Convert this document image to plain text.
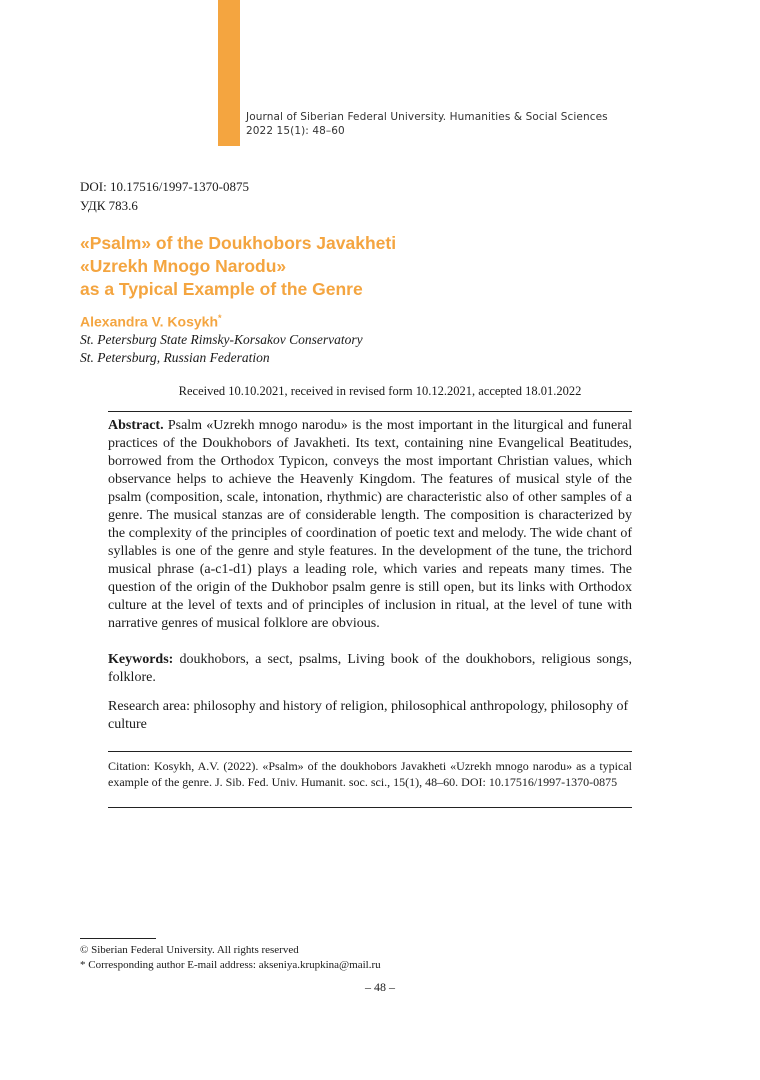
Journal of Siberian Federal University. Humanities & Social Sciences
2022 15(1): 48–60
DOI: 10.17516/1997-1370-0875
УДК 783.6
«Psalm» of the Doukhobors Javakheti
«Uzrekh Mnogo Narodu»
as a Typical Example of the Genre
Alexandra V. Kosykh*
St. Petersburg State Rimsky-Korsakov Conservatory
St. Petersburg, Russian Federation
Received 10.10.2021, received in revised form 10.12.2021, accepted 18.01.2022
Abstract. Psalm «Uzrekh mnogo narodu» is the most important in the liturgical and funeral practices of the Doukhobors of Javakheti. Its text, containing nine Evangelical Beatitudes, borrowed from the Orthodox Typicon, conveys the most important Christian values, which observance helps to achieve the Heavenly Kingdom. The features of musical style of the psalm (composition, scale, intonation, rhythmic) are characteristic also of other samples of a genre. The musical stanzas are of considerable length. The composition is characterized by the complexity of the principles of coordination of poetic text and melody. The wide chant of syllables is one of the genre and style features. In the development of the tune, the trichord musical phrase (a-c1-d1) plays a leading role, which varies and repeats many times. The question of the origin of the Dukhobor psalm genre is still open, but its links with Orthodox culture at the level of texts and of principles of inclusion in ritual, at the level of tune with narrative genres of musical folklore are obvious.
Keywords: doukhobors, a sect, psalms, Living book of the doukhobors, religious songs, folklore.
Research area: philosophy and history of religion, philosophical anthropology, philosophy of culture
Citation: Kosykh, A.V. (2022). «Psalm» of the doukhobors Javakheti «Uzrekh mnogo narodu» as a typical example of the genre. J. Sib. Fed. Univ. Humanit. soc. sci., 15(1), 48–60. DOI: 10.17516/1997-1370-0875
© Siberian Federal University. All rights reserved
* Corresponding author E-mail address: akseniya.krupkina@mail.ru
– 48 –
